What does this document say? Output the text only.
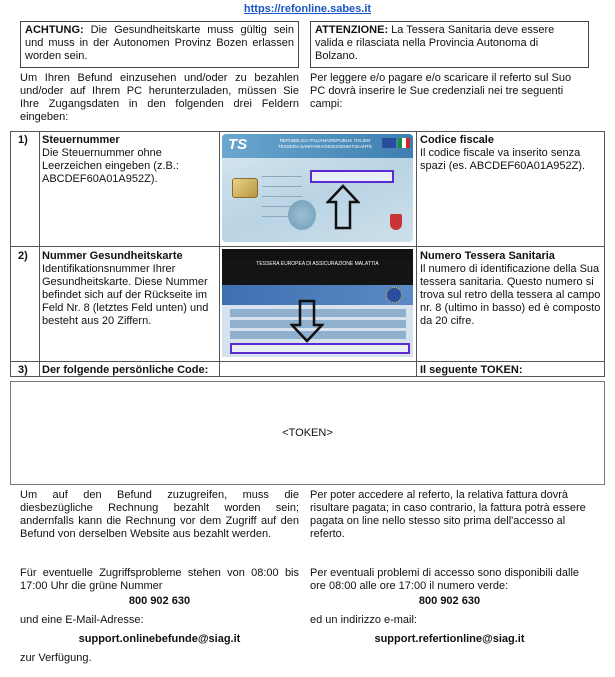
https://refonline.sabes.it
ACHTUNG: Die Gesundheitskarte muss gültig sein und muss in der Autonomen Provinz Bozen erlassen worden sein.
ATTENZIONE: La Tessera Sanitaria deve essere valida e rilasciata nella Provincia Autonoma di Bolzano.
Um Ihren Befund einzusehen und/oder zu bezahlen und/oder auf Ihrem PC herunterzuladen, müssen Sie Ihre Zugangsdaten in den folgenden drei Feldern eingeben:
Per leggere e/o pagare e/o scaricare il referto sul Suo PC dovrà inserire le Sue credenziali nei tre seguenti campi:
1) Steuernummer
Die Steuernummer ohne Leerzeichen eingeben (z.B.: ABCDEF60A01A952Z).
TS	REPUBBLICA ITALIANA/REPUBLIK ITALIEN
TESSERA SANITARIA/GESUNDHEITSKARTE
Codice fiscale
Il codice fiscale va inserito senza spazi (es. ABCDEF60A01A952Z).
2) Nummer Gesundheitskarte
Identifikationsnummer Ihrer Gesundheitskarte. Diese Nummer befindet sich auf der Rückseite im Feld Nr. 8 (letztes Feld unten) und besteht aus 20 Ziffern.
TESSERA EUROPEA DI ASSICURAZIONE MALATTIA
Numero Tessera Sanitaria
Il numero di identificazione della Sua tessera sanitaria. Questo numero si trova sul retro della tessera al campo nr. 8 (ultimo in basso) ed è composto da 20 cifre.
3) Der folgende persönliche Code:	Il seguente TOKEN:
<TOKEN>
Um auf den Befund zuzugreifen, muss die diesbezügliche Rechnung bezahlt worden sein; andernfalls kann die Rechnung vor dem Zugriff auf den Befund von derselben Website aus bezahlt werden.
Für eventuelle Zugriffsprobleme stehen von 08:00 bis 17:00 Uhr die grüne Nummer
800 902 630
und eine E-Mail-Adresse:
support.onlinebefunde@siag.it
zur Verfügung.
Per poter accedere al referto, la relativa fattura dovrà risultare pagata; in caso contrario, la fattura potrà essere pagata on line nello stesso sito prima dell'accesso al referto.
Per eventuali problemi di accesso sono disponibili dalle ore 08:00 alle ore 17:00 il numero verde:
800 902 630
ed un indirizzo e-mail:
support.refertionline@siag.it
